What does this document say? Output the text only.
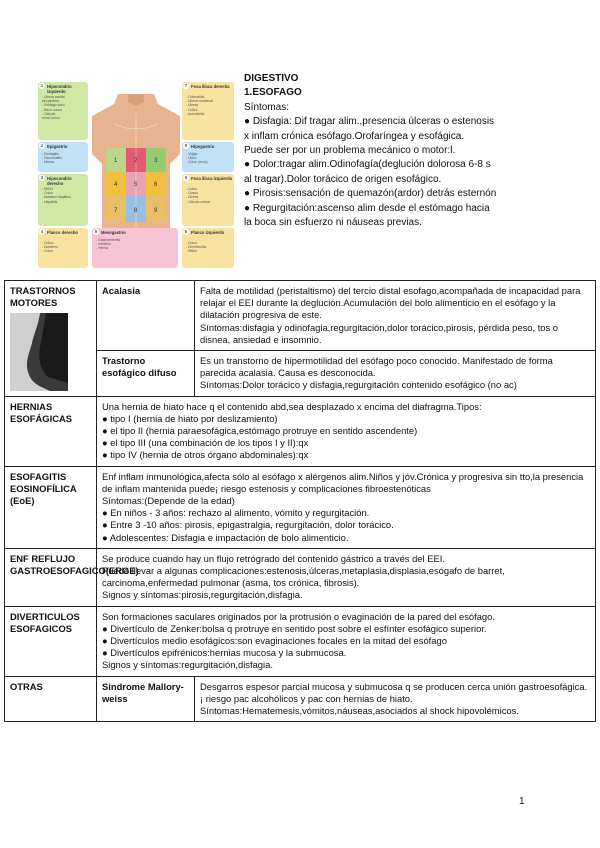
1 Hipocondrio izquierdo
- Úlcera cardial
del gástrico
- Esófago sano
- Bazo rotura
- Cálculo
renal, tumor
2 Epigastrio
- Esofagitis
- Pancreatitis
- Úlcera
3 Hipocondrio derecho
- Riñón
- Colon
- Absceso hepático
- Hepatitis
4 Flanco derecho
- Cólico
- Duodeno
- Colon
9 Mesogastrio
- Gastroenteritis
- Intestino
- Hernia
7 Fosa ilíaca derecha
- Colecistitis
- Ulcera duodenal
- Úlcera
- Cólico
- Apendicitis
8 Hipogastrio
- Vejiga
- Útero
- Colon (recto)
6 Fosa ilíaca izquierda
- Colon
- Ovario
- Úlcera
- Cálculo uretral
5 Flanco izquierdo
- Colon
- Diverticulitis
- Riñón
1	2	3
4	5	6
7	8	9
DIGESTIVO
1.ESOFAGO
Síntomas:
● Disfagia: Dif tragar alim.,presencia úlceras o estenosis
x inflam crónica esófago.Orofaríngea y esofágica.
Puede ser por un problema mecánico o motor:l.
● Dolor:tragar alim.Odinofagía(deglución dolorosa 6-8 s
al tragar).Dolor torácico de origen esofágico.
● Pirosis:sensación de quemazón(ardor) detrás esternón
● Regurgitación:ascenso alim desde el estómago hacia
la boca sin esfuerzo ni náuseas previas.
TRASTORNOS MOTORES	Acalasia	Falta de motilidad (peristaltismo) del tercio distal esofago,acompañada de incapacidad para relajar el EEI durante la deglución.Acumulación del bolo alimenticio en el esófago y la dilatación progresiva de este.
Síntomas:disfagia y odinofagia,regurgitación,dolor torácico,pirosis, pérdida peso, tos o disnea, ansiedad e insomnio.

	Trastorno esofágico difuso	Es un transtorno de hipermotilidad del esófago poco conocido. Manifestado de forma parecida acalasia. Causa es desconocida.
Síntomas:Dolor torácico y disfagia,regurgitación contenido esofágico (no ac)

HERNIAS ESOFÁGICAS	Una hernia de hiato hace q el contenido abd,sea desplazado x encima del diafragma.Tipos:
● tipo I (hernia de hiato por deslizamiento)
● el tipo II (hernia paraesofágica,estómago protruye en sentido ascendente)
● el tipo III (una combinación de los tipos I y II):qx
● tipo IV (hernia de otros órgano abdominales):qx	

ESOFAGITIS EOSINOFÍLICA (EoE)	Enf inflam inmunológica,afecta sólo al esófago x alérgenos alim.Niños y jóv.Crónica y progresiva sin tto,la presencia de inflam mantenida puede¡ riesgo estenosis y complicaciones fibroestenóticas
Síntomas:(Depende de la edad)
● En niños - 3 años: rechazo al alimento, vómito y regurgitación.
● Entre 3 -10 años: pirosis, epigastralgia, regurgitación, dolor torácico.
● Adolescentes: Disfagia e impactación de bolo alimenticio.	

ENF REFLUJO GASTROESOFAGICO(ERGE)	Se produce cuando hay un flujo retrógrado del contenido gástrico a través del EEI.
Puede llevar a algunas complicaciones:estenosis,úlceras,metaplasia,displasia,esógafo de barret, carcinoma,enfermedad pulmonar (asma, tos crónica, fibrosis).
Signos y síntomas:pirosis,regurgitación,disfagia.	

DIVERTICULOS ESOFAGICOS	Son formaciones saculares originados por la protrusión o evaginación de la pared del esófago.
● Divertículo de Zenker:bolsa q protruye en sentido post sobre el esfínter esofágico superior.
● Divertículos medio esofágicos:son evaginaciones focales en la mitad del esófago
● Divertículos epifrénicos:hernias mucosa y la submucosa.
Signos y síntomas:regurgitación,disfagia.	

OTRAS	Sindrome Mallory-weiss	Desgarros espesor parcial mucosa y submucosa q se producen cerca unión gastroesofágica.¡ riesgo pac alcohólicos y pac con hernias de hiato.
Síntomas:Hematemesis,vómitos,náuseas,asociados al shock hipovolémicos.
1
